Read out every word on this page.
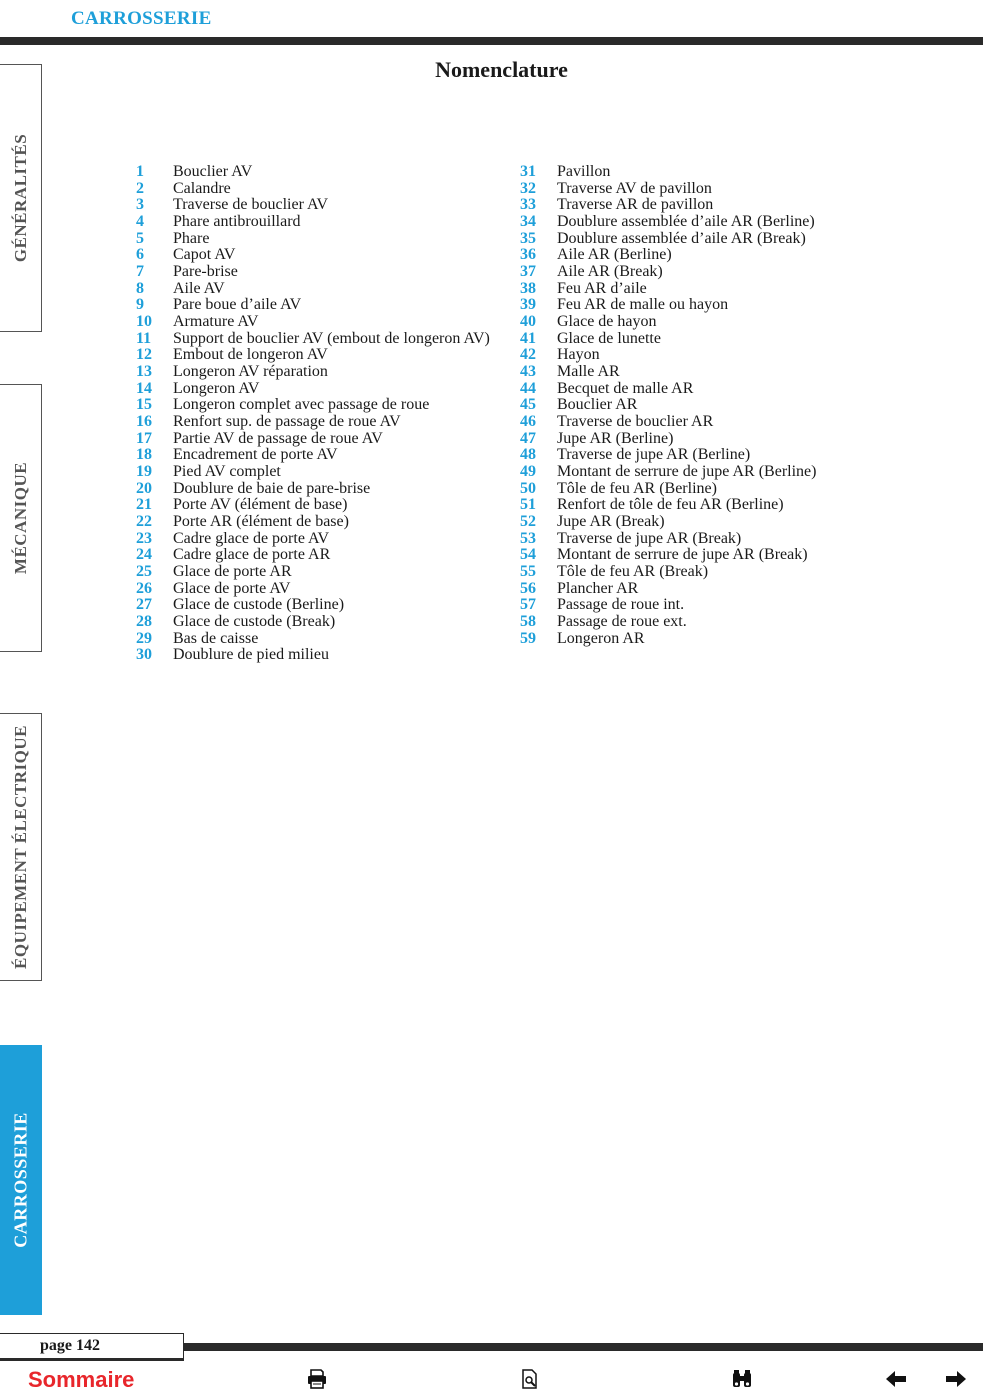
CARROSSERIE
Nomenclature
GÉNÉRALITÉS
MÉCANIQUE
ÉQUIPEMENT ÉLECTRIQUE
CARROSSERIE
1 Bouclier AV
2 Calandre
3 Traverse de bouclier AV
4 Phare antibrouillard
5 Phare
6 Capot AV
7 Pare-brise
8 Aile AV
9 Pare boue d’aile AV
10 Armature AV
11 Support de bouclier AV (embout de longeron AV)
12 Embout de longeron AV
13 Longeron AV réparation
14 Longeron AV
15 Longeron complet avec passage de roue
16 Renfort sup. de passage de roue AV
17 Partie AV de passage de roue AV
18 Encadrement de porte AV
19 Pied AV complet
20 Doublure de baie de pare-brise
21 Porte AV (élément de base)
22 Porte AR (élément de base)
23 Cadre glace de porte AV
24 Cadre glace de porte AR
25 Glace de porte AR
26 Glace de porte AV
27 Glace de custode (Berline)
28 Glace de custode (Break)
29 Bas de caisse
30 Doublure de pied milieu
31 Pavillon
32 Traverse AV de pavillon
33 Traverse AR de pavillon
34 Doublure assemblée d’aile AR (Berline)
35 Doublure assemblée d’aile AR (Break)
36 Aile AR (Berline)
37 Aile AR (Break)
38 Feu AR d’aile
39 Feu AR de malle ou hayon
40 Glace de hayon
41 Glace de lunette
42 Hayon
43 Malle AR
44 Becquet de malle AR
45 Bouclier AR
46 Traverse de bouclier AR
47 Jupe AR (Berline)
48 Traverse de jupe AR (Berline)
49 Montant de serrure de jupe AR (Berline)
50 Tôle de feu AR (Berline)
51 Renfort de tôle de feu AR (Berline)
52 Jupe AR (Break)
53 Traverse de jupe AR (Break)
54 Montant de serrure de jupe AR (Break)
55 Tôle de feu AR (Break)
56 Plancher AR
57 Passage de roue int.
58 Passage de roue ext.
59 Longeron AR
page 142
Sommaire
